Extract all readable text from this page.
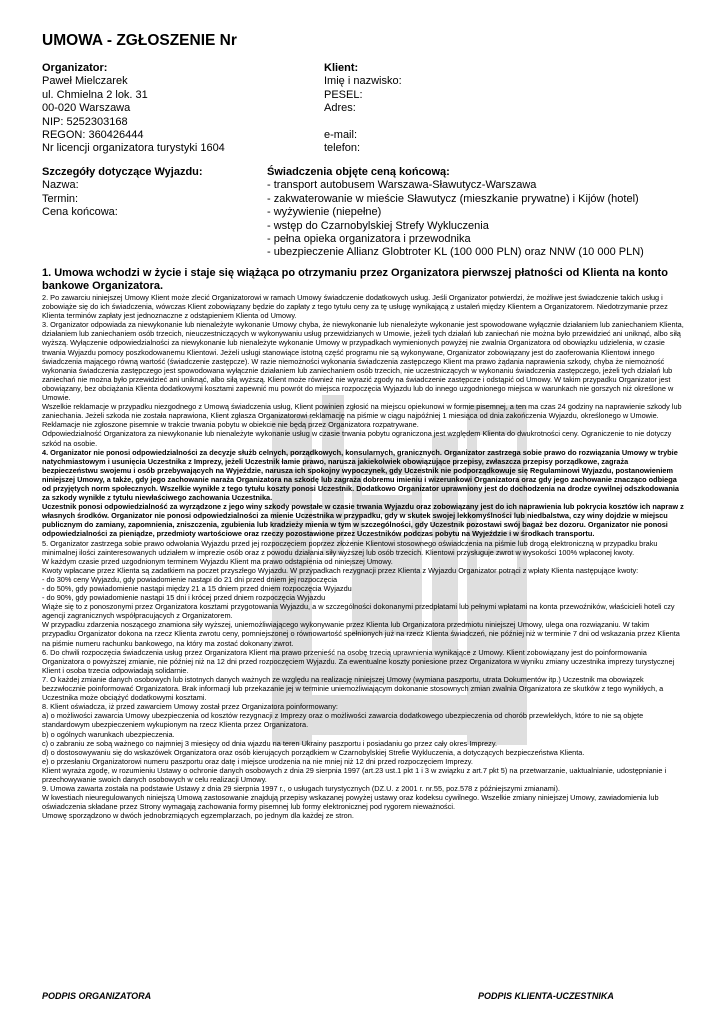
UMOWA - ZGŁOSZENIE Nr
Organizator:
Paweł Mielczarek
ul. Chmielna 2 lok. 31
00-020 Warszawa
NIP: 5252303168
REGON: 360426444
Nr licencji organizatora turystyki 1604
Klient:
Imię i nazwisko:
PESEL:
Adres:
e-mail:
telefon:
Szczegóły dotyczące Wyjazdu:
Nazwa:
Termin:
Cena końcowa:
Świadczenia objęte ceną końcową:
- transport autobusem Warszawa-Sławutycz-Warszawa
- zakwaterowanie w mieście Sławutycz (mieszkanie prywatne) i Kijów (hotel)
- wyżywienie (niepełne)
- wstęp do Czarnobylskiej Strefy Wykluczenia
- pełna opieka organizatora i przewodnika
- ubezpieczenie Allianz Globtroter KL (100 000 PLN) oraz NNW (10 000 PLN)
1. Umowa wchodzi w życie i staje się wiążąca po otrzymaniu przez Organizatora pierwszej płatności od Klienta na konto bankowe Organizatora.

2. Po zawarciu niniejszej Umowy Klient może zlecić Organizatorowi w ramach Umowy świadczenie dodatkowych usług. Jeśli Organizator potwierdzi, że możliwe jest świadczenie takich usług i zobowiąże się do ich świadczenia, wówczas Klient zobowiązany będzie do zapłaty z tego tytułu ceny za tę usługę wynikającą z ustaleń między Klientem a Organizatorem. Niedotrzymanie przez Klienta terminów zapłaty jest jednoznaczne z odstąpieniem Klienta od Umowy.

3. Organizator odpowiada za niewykonanie lub nienależyte wykonanie Umowy chyba, że niewykonanie lub nienależyte wykonanie jest spowodowane wyłącznie działaniem lub zaniechaniem Klienta, działaniem lub zaniechaniem osób trzecich, nieuczestniczących w wykonywaniu usług przewidzianych w Umowie, jeżeli tych działań lub zaniechań nie można było przewidzieć ani uniknąć, albo siłą wyższą. Wyłączenie odpowiedzialności za niewykonanie lub nienależyte wykonanie Umowy w przypadkach wymienionych powyżej nie zwalnia Organizatora od obowiązku udzielenia, w czasie trwania Wyjazdu pomocy poszkodowanemu Klientowi. Jeżeli usługi stanowiące istotną część programu nie są wykonywane, Organizator zobowiązany jest do zaoferowania Klientowi innego świadczenia mającego równą wartość (świadczenie zastępcze). W razie niemożności wykonania świadczenia zastępczego Klient ma prawo żądania naprawienia szkody, chyba że niemożność wykonania świadczenia zastępczego jest spowodowana wyłącznie działaniem lub zaniechaniem osób trzecich, nie uczestniczących w wykonaniu świadczenia zastępczego, jeżeli tych działań lub zaniechań nie można było przewidzieć ani uniknąć, albo siłą wyższą. Klient może również nie wyrazić zgody na świadczenie zastępcze i odstąpić od Umowy. W takim przypadku Organizator jest obowiązany, bez obciążania Klienta dodatkowymi kosztami zapewnić mu powrót do miejsca rozpoczęcia Wyjazdu lub do innego uzgodnionego miejsca w warunkach nie gorszych niż określone w Umowie.

Wszelkie reklamacje w przypadku niezgodnego z Umową świadczenia usług, Klient powinien zgłosić na miejscu opiekunowi w formie pisemnej, a ten ma czas 24 godziny na naprawienie szkody lub zaniechania. Jeżeli szkoda nie została naprawiona, Klient zgłasza Organizatorowi reklamację na piśmie w ciągu najpóźniej 1 miesiąca od dnia zakończenia Wyjazdu, określonego w Umowie. Reklamacje nie zgłoszone pisemnie w trakcie trwania pobytu w obiekcie nie będą przez Organizatora rozpatrywane.

Odpowiedzialność Organizatora za niewykonanie lub nienależyte wykonanie usług w czasie trwania pobytu ograniczona jest względem Klienta do dwukrotności ceny. Ograniczenie to nie dotyczy szkód na osobie.

4. Organizator nie ponosi odpowiedzialności za decyzje służb celnych, porządkowych, konsularnych, granicznych. Organizator zastrzega sobie prawo do rozwiązania Umowy w trybie natychmiastowym i usunięcia Uczestnika z Imprezy, jeżeli Uczestnik łamie prawo, narusza jakiekolwiek obowiązujące przepisy, zwłaszcza przepisy porządkowe, zagraża bezpieczeństwu swojemu i osób przebywających na Wyjeździe, narusza ich spokojny wypoczynek, gdy Uczestnik nie podporządkowuje się Regulaminowi Wyjazdu, postanowieniem niniejszej Umowy, a także, gdy jego zachowanie naraża Organizatora na szkodę lub zagraża dobremu imieniu i wizerunkowi Organizatora oraz gdy jego zachowanie znacząco odbiega od przyjętych norm społecznych. Wszelkie wynikłe z tego tytułu koszty ponosi Uczestnik. Dodatkowo Organizator uprawniony jest do dochodzenia na drodze cywilnej odszkodowania za szkody wynikłe z tytułu niewłaściwego zachowania Uczestnika.

Uczestnik ponosi odpowiedzialność za wyrządzone z jego winy szkody powstałe w czasie trwania Wyjazdu oraz zobowiązany jest do ich naprawienia lub pokrycia kosztów ich napraw z własnych środków. Organizator nie ponosi odpowiedzialności za mienie Uczestnika w przypadku, gdy w skutek swojej lekkomyślności lub niedbalstwa, czy winy dojdzie w miejscu publicznym do zamiany, zapomnienia, zniszczenia, zgubienia lub kradzieży mienia w tym w szczególności, gdy Uczestnik pozostawi swój bagaż bez dozoru. Organizator nie ponosi odpowiedzialności za pieniądze, przedmioty wartościowe oraz rzeczy pozostawione przez Uczestników podczas pobytu na Wyjeździe i w środkach transportu.

5. Organizator zastrzega sobie prawo odwołania Wyjazdu przed jej rozpoczęciem poprzez złożenie Klientowi stosownego oświadczenia na piśmie lub drogą elektroniczną w przypadku braku minimalnej ilości zainteresowanych udziałem w imprezie osób oraz z powodu działania siły wyższej lub osób trzecich. Klientowi przysługuje zwrot w wysokości 100% wpłaconej kwoty.

W każdym czasie przed uzgodnionym terminem Wyjazdu Klient ma prawo odstąpienia od niniejszej Umowy.

Kwoty wpłacane przez Klienta są zadatkiem na poczet przyszłego Wyjazdu. W przypadkach rezygnacji przez Klienta z Wyjazdu Organizator potrąci z wpłaty Klienta następujące kwoty:

- do 30% ceny Wyjazdu, gdy powiadomienie nastąpi do 21 dni przed dniem jej rozpoczęcia

- do 50%, gdy powiadomienie nastąpi między 21 a 15 dniem przed dniem rozpoczęcia Wyjazdu

- do 90%, gdy powiadomienie nastąpi 15 dni i krócej przed dniem rozpoczęcia Wyjazdu

Wiąże się to z ponoszonymi przez Organizatora kosztami przygotowania Wyjazdu, a w szczególności dokonanymi przedpłatami lub pełnymi wpłatami na konta przewoźników, właścicieli hoteli czy agencji zagranicznych współpracujących z Organizatorem.

W przypadku zdarzenia noszącego znamiona siły wyższej, uniemożliwiającego wykonywanie przez Klienta lub Organizatora przedmiotu niniejszej Umowy, ulega ona rozwiązaniu. W takim przypadku Organizator dokona na rzecz Klienta zwrotu ceny, pomniejszonej o równowartość spełnionych już na rzecz Klienta świadczeń, nie później niż w terminie 7 dni od wskazania przez Klienta na piśmie numeru rachunku bankowego, na który ma zostać dokonany zwrot.

6. Do chwili rozpoczęcia świadczenia usług przez Organizatora Klient ma prawo przenieść na osobę trzecią uprawnienia wynikające z Umowy. Klient zobowiązany jest do poinformowania Organizatora o powyższej zmianie, nie później niż na 12 dni przed rozpoczęciem Wyjazdu. Za ewentualne koszty poniesione przez Organizatora w wyniku zmiany uczestnika imprezy turystycznej Klient i osoba trzecia odpowiadają solidarnie.

7. O każdej zmianie danych osobowych lub istotnych danych ważnych ze względu na realizację niniejszej Umowy (wymiana paszportu, utrata Dokumentów itp.) Uczestnik ma obowiązek bezzwłocznie poinformować Organizatora. Brak informacji lub przekazanie jej w terminie uniemożliwiającym dokonanie stosownych zmian zwalnia Organizatora ze skutków z tego wynikłych, a Uczestnika może obciążyć dodatkowymi kosztami.

8. Klient oświadcza, iż przed zawarciem Umowy został przez Organizatora poinformowany:

a) o możliwości zawarcia Umowy ubezpieczenia od kosztów rezygnacji z Imprezy oraz o możliwości zawarcia dodatkowego ubezpieczenia od chorób przewlekłych, które to nie są objęte standardowym ubezpieczeniem wykupionym na rzecz Klienta przez Organizatora.

b) o ogólnych warunkach ubezpieczenia.

c) o zabraniu ze sobą ważnego co najmniej 3 miesięcy od dnia wjazdu na teren Ukrainy paszportu i posiadaniu go przez cały okres Imprezy.

d) o dostosowywaniu się do wskazówek Organizatora oraz osób kierujących porządkiem w Czarnobylskiej Strefie Wykluczenia, a dotyczących bezpieczeństwa Klienta.

e) o przesłaniu Organizatorowi numeru paszportu oraz datę i miejsce urodzenia na nie mniej niż 12 dni przed rozpoczęciem Imprezy.

Klient wyraża zgodę, w rozumieniu Ustawy o ochronie danych osobowych z dnia 29 sierpnia 1997 (art.23 ust.1 pkt 1 i 3 w związku z art.7 pkt 5) na przetwarzanie, uaktualnianie, udostępnianie i przechowywanie swoich danych osobowych w celu realizacji Umowy.

9. Umowa zawarta została na podstawie Ustawy z dnia 29 sierpnia 1997 r., o usługach turystycznych (DZ.U. z 2001 r. nr.55, poz.578 z późniejszymi zmianami).

W kwestiach nieuregulowanych niniejszą Umową zastosowanie znajdują przepisy wskazanej powyżej ustawy oraz kodeksu cywilnego. Wszelkie zmiany niniejszej Umowy, zawiadomienia lub oświadczenia składane przez Strony wymagają zachowania formy pisemnej lub formy elektronicznej pod rygorem nieważności.

Umowę sporządzono w dwóch jednobrzmiących egzemplarzach, po jednym dla każdej ze stron.

PODPIS ORGANIZATORA	PODPIS KLIENTA-UCZESTNIKA
